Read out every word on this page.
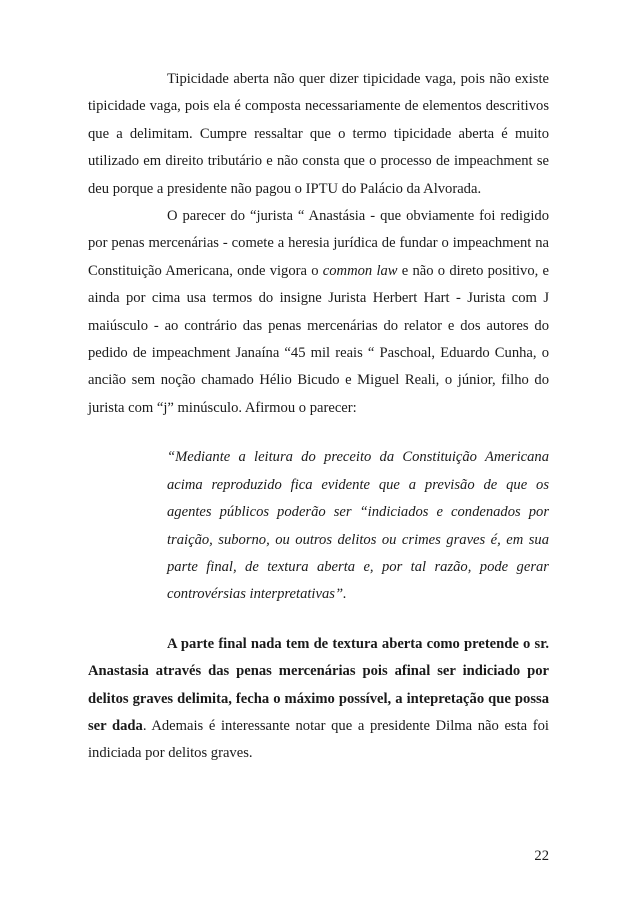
Tipicidade aberta não quer dizer tipicidade vaga, pois não existe tipicidade vaga, pois ela é composta necessariamente de elementos descritivos que a delimitam. Cumpre ressaltar que o termo tipicidade aberta é muito utilizado em direito tributário e não consta que o processo de impeachment se deu porque a presidente não pagou o IPTU do Palácio da Alvorada.

O parecer do “jurista “ Anastásia - que obviamente foi redigido por penas mercenárias - comete a heresia jurídica de fundar o impeachment na Constituição Americana, onde vigora o common law e não o direto positivo, e ainda por cima usa termos do insigne Jurista Herbert Hart - Jurista com J maiúsculo - ao contrário das penas mercenárias do relator e dos autores do pedido de impeachment Janaína “45 mil reais “ Paschoal, Eduardo Cunha, o ancião sem noção chamado Hélio Bicudo e Miguel Reali, o júnior, filho do jurista com “j” minúsculo. Afirmou o parecer:

“Mediante a leitura do preceito da Constituição Americana acima reproduzido fica evidente que a previsão de que os agentes públicos poderão ser “indiciados e condenados por traição, suborno, ou outros delitos ou crimes graves é, em sua parte final, de textura aberta e, por tal razão, pode gerar controvérsias interpretativas”.

A parte final nada tem de textura aberta como pretende o sr. Anastasia através das penas mercenárias pois afinal ser indiciado por delitos graves delimita, fecha o máximo possível, a intepretação que possa ser dada. Ademais é interessante notar que a presidente Dilma não esta foi indiciada por delitos graves.

22
